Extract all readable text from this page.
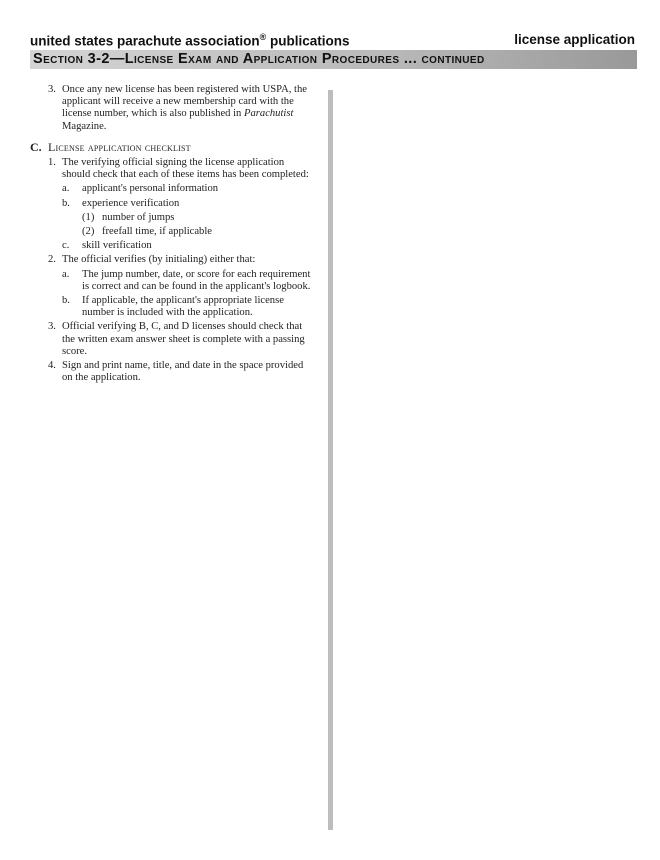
united states parachute association® publications	license application
Section 3-2—License Exam and Application Procedures ... continued
3. Once any new license has been registered with USPA, the applicant will receive a new membership card with the license number, which is also published in Parachutist Magazine.
C. License application checklist
1. The verifying official signing the license application should check that each of these items has been completed:
a. applicant's personal information
b. experience verification
(1) number of jumps
(2) freefall time, if applicable
c. skill verification
2. The official verifies (by initialing) either that:
a. The jump number, date, or score for each requirement is correct and can be found in the applicant's logbook.
b. If applicable, the applicant's appropriate license number is included with the application.
3. Official verifying B, C, and D licenses should check that the written exam answer sheet is complete with a passing score.
4. Sign and print name, title, and date in the space provided on the application.
